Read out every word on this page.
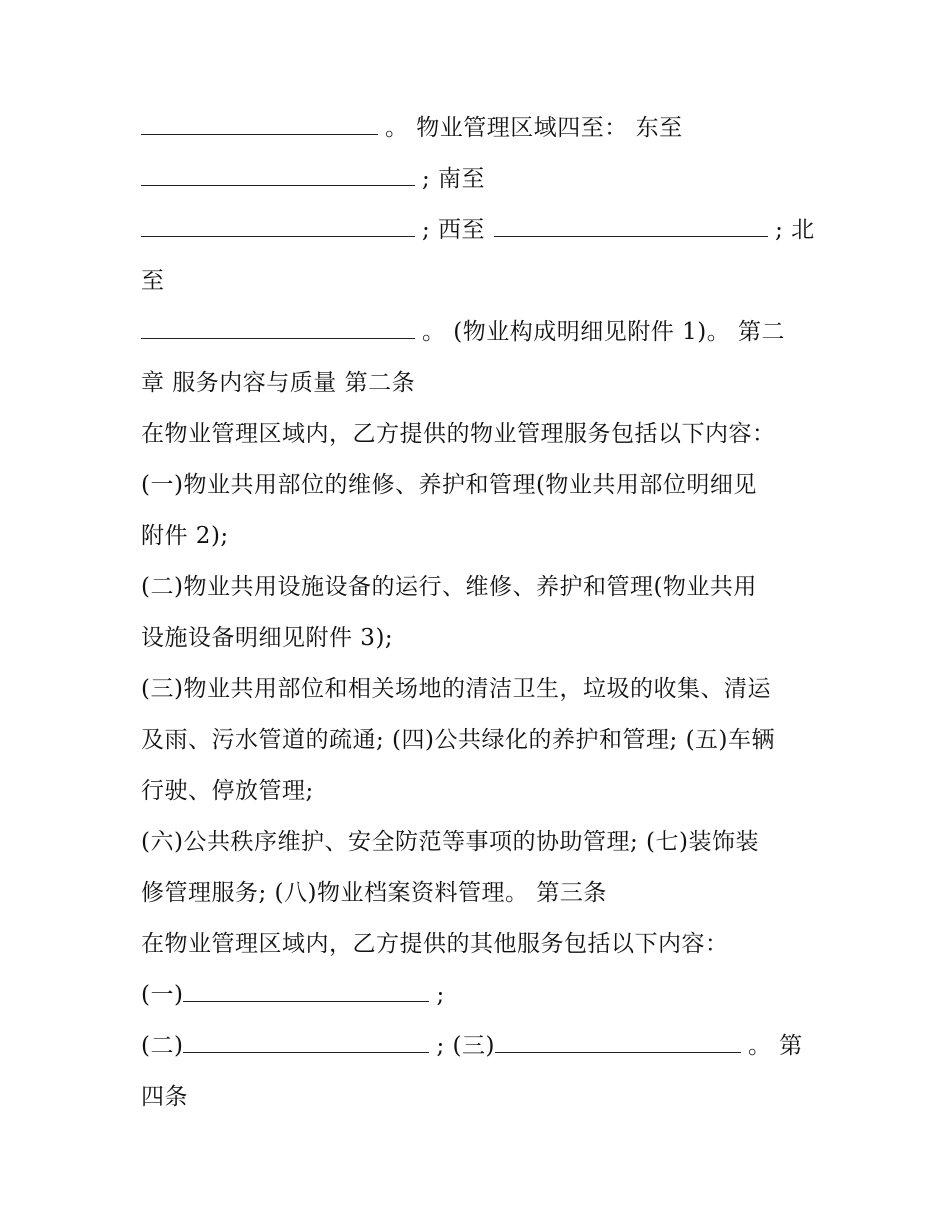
。 物业管理区域四至： 东至
; 南至
; 西至	; 北
至
。 (物业构成明细见附件 1)。 第二
章 服务内容与质量 第二条
在物业管理区域内，乙方提供的物业管理服务包括以下内容：
(一)物业共用部位的维修、养护和管理(物业共用部位明细见
附件 2);
(二)物业共用设施设备的运行、维修、养护和管理(物业共用
设施设备明细见附件 3);
(三)物业共用部位和相关场地的清洁卫生，垃圾的收集、清运
及雨、污水管道的疏通; (四)公共绿化的养护和管理; (五)车辆
行驶、停放管理;
(六)公共秩序维护、安全防范等事项的协助管理; (七)装饰装
修管理服务; (八)物业档案资料管理。 第三条
在物业管理区域内，乙方提供的其他服务包括以下内容：
(一)	;
(二)	; (三)	。 第
四条
